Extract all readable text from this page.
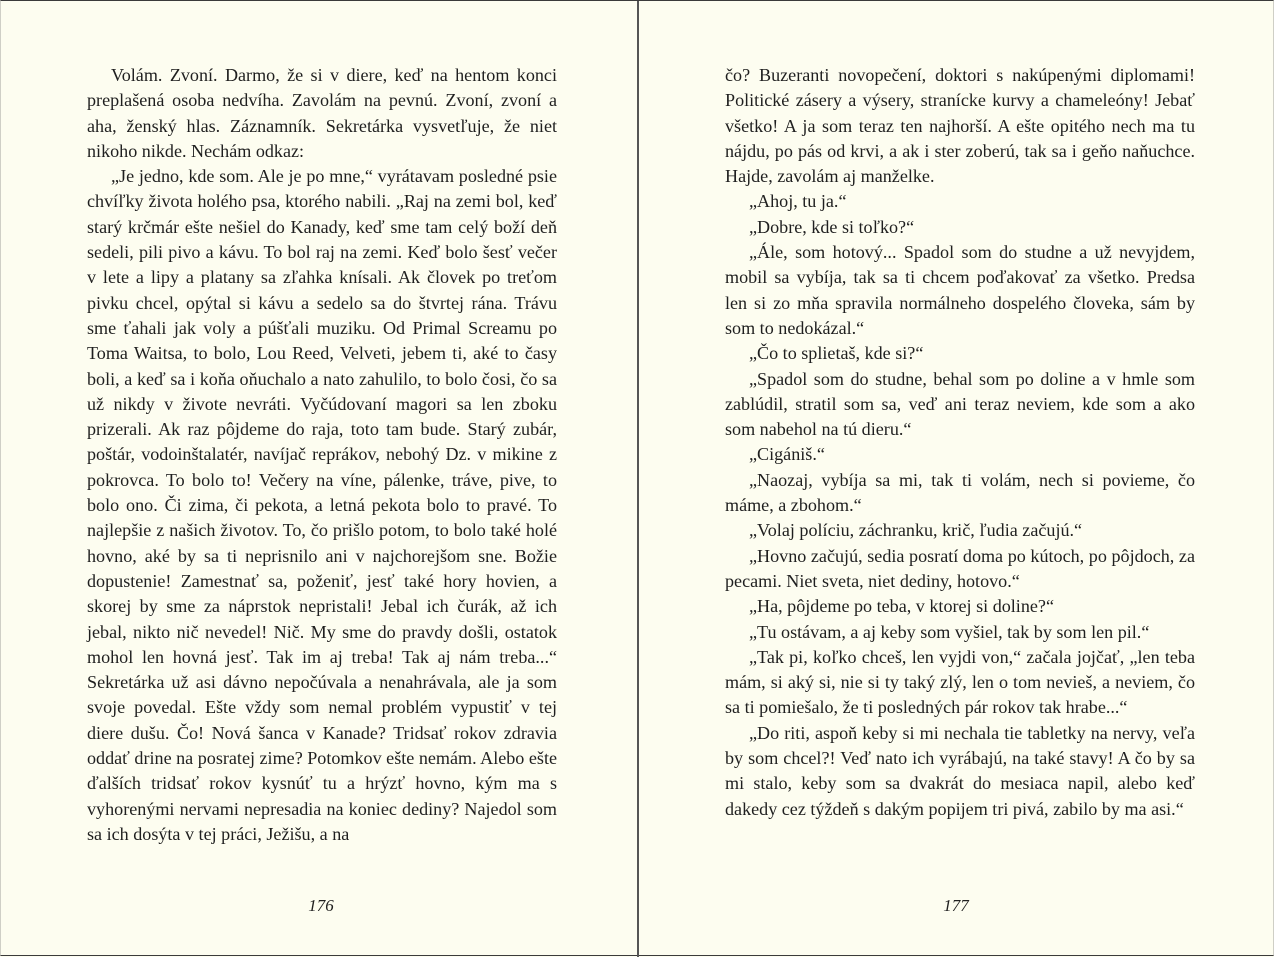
Volám. Zvoní. Darmo, že si v diere, keď na hentom konci preplašená osoba nedvíha. Zavolám na pevnú. Zvoní, zvoní a aha, ženský hlas. Záznamník. Sekretárka vysvetľuje, že niet nikoho nikde. Nechám odkaz:

„Je jedno, kde som. Ale je po mne,“ vyrátavam posledné psie chvíľky života holého psa, ktorého nabili. „Raj na zemi bol, keď starý krčmár ešte nešiel do Kanady, keď sme tam celý boží deň sedeli, pili pivo a kávu. To bol raj na zemi. Keď bolo šesť večer v lete a lipy a platany sa zľahka knísali. Ak človek po treťom pivku chcel, opýtal si kávu a sedelo sa do štvrtej rána. Trávu sme ťahali jak voly a púšťali muziku. Od Primal Screamu po Toma Waitsa, to bolo, Lou Reed, Velveti, jebem ti, aké to časy boli, a keď sa i koňa oňuchalo a nato zahulilo, to bolo čosi, čo sa už nikdy v živote nevráti. Vyčúdovaní magori sa len zboku prizerali. Ak raz pôjdeme do raja, toto tam bude. Starý zubár, poštár, vodoinštalatér, navíjač reprákov, nebohý Dz. v mikine z pokrovca. To bolo to! Večery na víne, pálenke, tráve, pive, to bolo ono. Či zima, či pekota, a letná pekota bolo to pravé. To najlepšie z našich životov. To, čo prišlo potom, to bolo také holé hovno, aké by sa ti neprisnilo ani v najchorejšom sne. Božie dopustenie! Zamestnať sa, poženiť, jesť také hory hovien, a skorej by sme za náprstok nepristali! Jebal ich čurák, až ich jebal, nikto nič nevedel! Nič. My sme do pravdy došli, ostatok mohol len hovná jesť. Tak im aj treba! Tak aj nám treba...“ Sekretárka už asi dávno nepočúvala a nenahrávala, ale ja som svoje povedal. Ešte vždy som nemal problém vypustiť v tej diere dušu. Čo! Nová šanca v Kanade? Tridsať rokov zdravia oddať drine na posratej zime? Potomkov ešte nemám. Alebo ešte ďalších tridsať rokov kysnúť tu a hrýzť hovno, kým ma s vyhorenými nervami nepresadia na koniec dediny? Najedol som sa ich dosýta v tej práci, Ježišu, a na

čo? Buzeranti novopečení, doktori s nakúpenými diplomami! Politické zásery a výsery, stranícke kurvy a chameleóny! Jebať všetko! A ja som teraz ten najhorší. A ešte opitého nech ma tu nájdu, po pás od krvi, a ak i ster zoberú, tak sa i geňo naňuchce. Hajde, zavolám aj manželke.

„Ahoj, tu ja.“

„Dobre, kde si toľko?“

„Ále, som hotový... Spadol som do studne a už nevyjdem, mobil sa vybíja, tak sa ti chcem poďakovať za všetko. Predsa len si zo mňa spravila normálneho dospelého človeka, sám by som to nedokázal.“

„Čo to splietaš, kde si?“

„Spadol som do studne, behal som po doline a v hmle som zablúdil, stratil som sa, veď ani teraz neviem, kde som a ako som nabehol na tú dieru.“

„Cigániš.“

„Naozaj, vybíja sa mi, tak ti volám, nech si povieme, čo máme, a zbohom.“

„Volaj políciu, záchranku, krič, ľudia začujú.“

„Hovno začujú, sedia posratí doma po kútoch, po pôjdoch, za pecami. Niet sveta, niet dediny, hotovo.“

„Ha, pôjdeme po teba, v ktorej si doline?“

„Tu ostávam, a aj keby som vyšiel, tak by som len pil.“

„Tak pi, koľko chceš, len vyjdi von,“ začala jojčať, „len teba mám, si aký si, nie si ty taký zlý, len o tom nevieš, a neviem, čo sa ti pomiešalo, že ti posledných pár rokov tak hrabe...“

„Do riti, aspoň keby si mi nechala tie tabletky na nervy, veľa by som chcel?! Veď nato ich vyrábajú, na také stavy! A čo by sa mi stalo, keby som sa dvakrát do mesiaca napil, alebo keď dakedy cez týždeň s dakým popijem tri pivá, zabilo by ma asi.“

176	177
